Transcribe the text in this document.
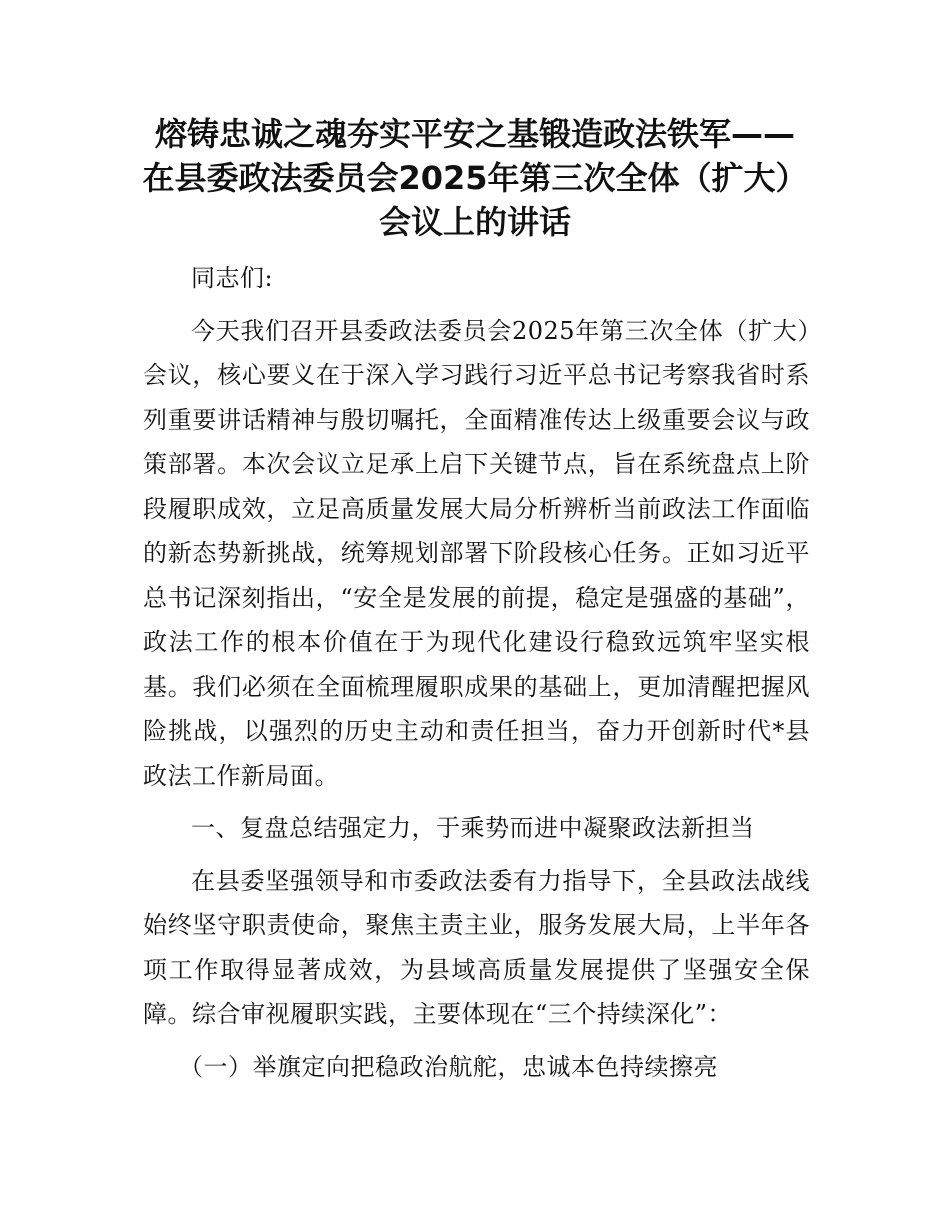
熔铸忠诚之魂夯实平安之基锻造政法铁军——
在县委政法委员会2025年第三次全体（扩大）
会议上的讲话

同志们:

今天我们召开县委政法委员会2025年第三次全体（扩大）会议，核心要义在于深入学习践行习近平总书记考察我省时系列重要讲话精神与殷切嘱托，全面精准传达上级重要会议与政策部署。本次会议立足承上启下关键节点，旨在系统盘点上阶段履职成效，立足高质量发展大局分析辨析当前政法工作面临的新态势新挑战，统筹规划部署下阶段核心任务。正如习近平总书记深刻指出，“安全是发展的前提，稳定是强盛的基础”，政法工作的根本价值在于为现代化建设行稳致远筑牢坚实根基。我们必须在全面梳理履职成果的基础上，更加清醒把握风险挑战，以强烈的历史主动和责任担当，奋力开创新时代*县政法工作新局面。

一、复盘总结强定力，于乘势而进中凝聚政法新担当

在县委坚强领导和市委政法委有力指导下，全县政法战线始终坚守职责使命，聚焦主责主业，服务发展大局，上半年各项工作取得显著成效，为县域高质量发展提供了坚强安全保障。综合审视履职实践，主要体现在“三个持续深化”：

（一）举旗定向把稳政治航舵，忠诚本色持续擦亮
